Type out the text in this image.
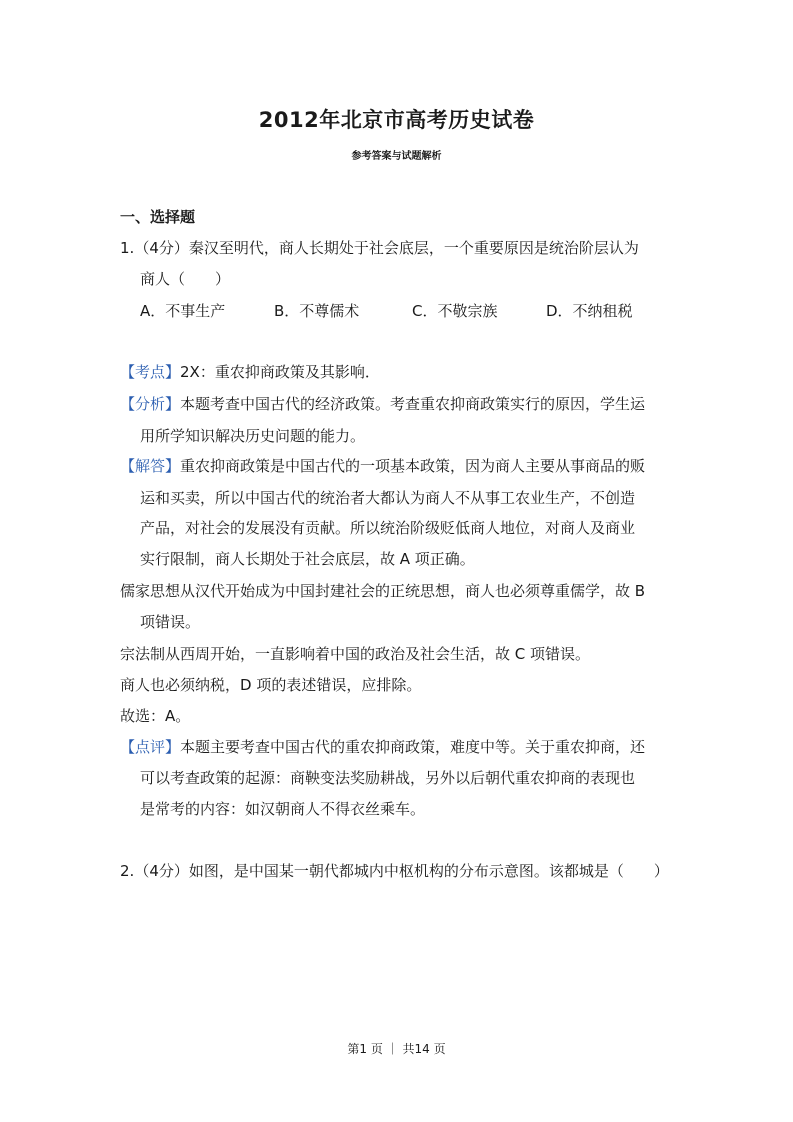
2012年北京市高考历史试卷
参考答案与试题解析
一、选择题
1.（4分）秦汉至明代，商人长期处于社会底层，一个重要原因是统治阶层认为
商人（　　）
A．不事生产	B．不尊儒术	C．不敬宗族	D．不纳租税
【考点】2X：重农抑商政策及其影响．
【分析】本题考查中国古代的经济政策。考查重农抑商政策实行的原因，学生运
用所学知识解决历史问题的能力。
【解答】重农抑商政策是中国古代的一项基本政策，因为商人主要从事商品的贩
运和买卖，所以中国古代的统治者大都认为商人不从事工农业生产，不创造
产品，对社会的发展没有贡献。所以统治阶级贬低商人地位，对商人及商业
实行限制，商人长期处于社会底层，故 A 项正确。
儒家思想从汉代开始成为中国封建社会的正统思想，商人也必须尊重儒学，故 B
项错误。
宗法制从西周开始，一直影响着中国的政治及社会生活，故 C 项错误。
商人也必须纳税，D 项的表述错误，应排除。
故选：A。
【点评】本题主要考查中国古代的重农抑商政策，难度中等。关于重农抑商，还
可以考查政策的起源：商鞅变法奖励耕战，另外以后朝代重农抑商的表现也
是常考的内容：如汉朝商人不得衣丝乘车。
2.（4分）如图，是中国某一朝代都城内中枢机构的分布示意图。该都城是（　　）
第1 页 ｜ 共14 页
